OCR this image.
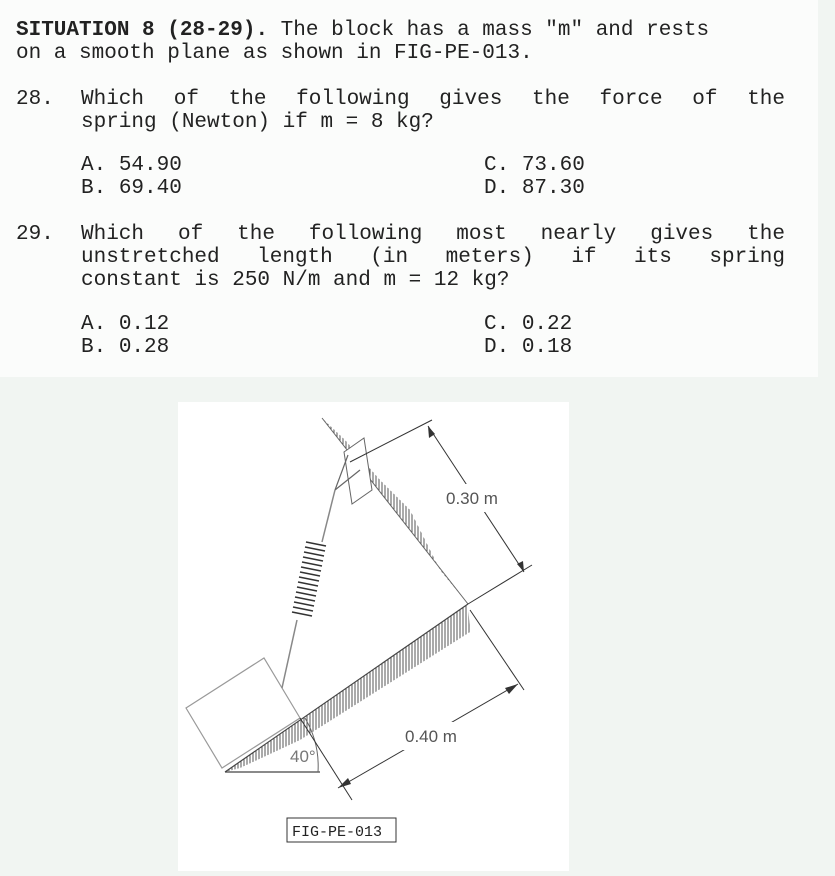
SITUATION 8 (28-29). The block has a mass "m" and rests
on a smooth plane as shown in FIG-PE-013.
28. Which of the following gives the force of the
spring (Newton) if m = 8 kg?
A. 54.90
B. 69.40
C. 73.60
D. 87.30
29. Which of the following most nearly gives the
unstretched length (in meters) if its spring
constant is 250 N/m and m = 12 kg?
A. 0.12
B. 0.28
C. 0.22
D. 0.18
40°
0.30 m
0.40 m
FIG-PE-013
